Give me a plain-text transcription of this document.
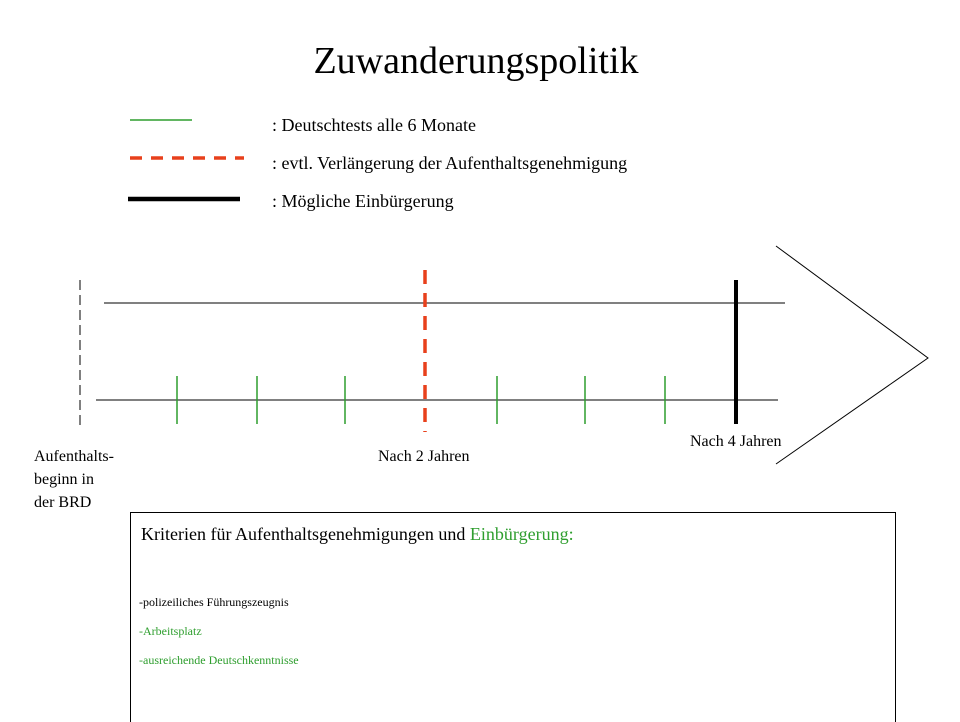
Zuwanderungspolitik
: Deutschtests alle 6 Monate
: evtl. Verlängerung der Aufenthaltsgenehmigung
: Mögliche Einbürgerung
Aufenthalts-
beginn in
der BRD
Nach 2 Jahren
Nach 4 Jahren
Kriterien für Aufenthaltsgenehmigungen und Einbürgerung:
-polizeiliches Führungszeugnis
-Arbeitsplatz
-ausreichende Deutschkenntnisse
